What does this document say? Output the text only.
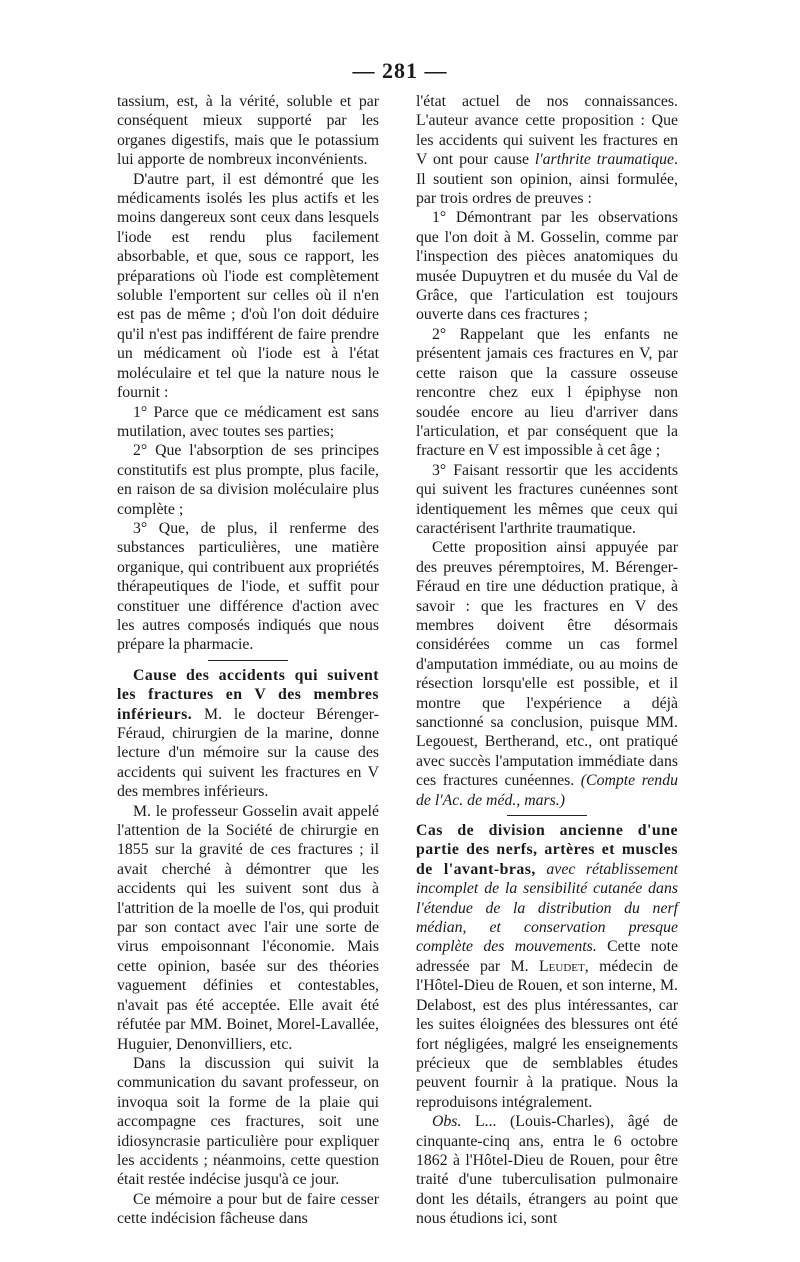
— 281 —

tassium, est, à la vérité, soluble et par conséquent mieux supporté par les organes digestifs, mais que le potassium lui apporte de nombreux inconvénients.

D'autre part, il est démontré que les médicaments isolés les plus actifs et les moins dangereux sont ceux dans lesquels l'iode est rendu plus facilement absorbable, et que, sous ce rapport, les préparations où l'iode est complètement soluble l'emportent sur celles où il n'en est pas de même ; d'où l'on doit déduire qu'il n'est pas indifférent de faire prendre un médicament où l'iode est à l'état moléculaire et tel que la nature nous le fournit :

1° Parce que ce médicament est sans mutilation, avec toutes ses parties;

2° Que l'absorption de ses principes constitutifs est plus prompte, plus facile, en raison de sa division moléculaire plus complète ;

3° Que, de plus, il renferme des substances particulières, une matière organique, qui contribuent aux propriétés thérapeutiques de l'iode, et suffit pour constituer une différence d'action avec les autres composés indiqués que nous prépare la pharmacie.

Cause des accidents qui suivent les fractures en V des membres inférieurs. M. le docteur Bérenger-Féraud, chirurgien de la marine, donne lecture d'un mémoire sur la cause des accidents qui suivent les fractures en V des membres inférieurs.

M. le professeur Gosselin avait appelé l'attention de la Société de chirurgie en 1855 sur la gravité de ces fractures ; il avait cherché à démontrer que les accidents qui les suivent sont dus à l'attrition de la moelle de l'os, qui produit par son contact avec l'air une sorte de virus empoisonnant l'économie. Mais cette opinion, basée sur des théories vaguement définies et contestables, n'avait pas été acceptée. Elle avait été réfutée par MM. Boinet, Morel-Lavallée, Huguier, Denonvilliers, etc.

Dans la discussion qui suivit la communication du savant professeur, on invoqua soit la forme de la plaie qui accompagne ces fractures, soit une idiosyncrasie particulière pour expliquer les accidents ; néanmoins, cette question était restée indécise jusqu'à ce jour.

Ce mémoire a pour but de faire cesser cette indécision fâcheuse dans

l'état actuel de nos connaissances. L'auteur avance cette proposition : Que les accidents qui suivent les fractures en V ont pour cause l'arthrite traumatique. Il soutient son opinion, ainsi formulée, par trois ordres de preuves :

1° Démontrant par les observations que l'on doit à M. Gosselin, comme par l'inspection des pièces anatomiques du musée Dupuytren et du musée du Val de Grâce, que l'articulation est toujours ouverte dans ces fractures ;

2° Rappelant que les enfants ne présentent jamais ces fractures en V, par cette raison que la cassure osseuse rencontre chez eux l épiphyse non soudée encore au lieu d'arriver dans l'articulation, et par conséquent que la fracture en V est impossible à cet âge ;

3° Faisant ressortir que les accidents qui suivent les fractures cunéennes sont identiquement les mêmes que ceux qui caractérisent l'arthrite traumatique.

Cette proposition ainsi appuyée par des preuves péremptoires, M. Bérenger-Féraud en tire une déduction pratique, à savoir : que les fractures en V des membres doivent être désormais considérées comme un cas formel d'amputation immédiate, ou au moins de résection lorsqu'elle est possible, et il montre que l'expérience a déjà sanctionné sa conclusion, puisque MM. Legouest, Bertherand, etc., ont pratiqué avec succès l'amputation immédiate dans ces fractures cunéennes. (Compte rendu de l'Ac. de méd., mars.)

Cas de division ancienne d'une partie des nerfs, artères et muscles de l'avant-bras, avec rétablissement incomplet de la sensibilité cutanée dans l'étendue de la distribution du nerf médian, et conservation presque complète des mouvements. Cette note adressée par M. Leudet, médecin de l'Hôtel-Dieu de Rouen, et son interne, M. Delabost, est des plus intéressantes, car les suites éloignées des blessures ont été fort négligées, malgré les enseignements précieux que de semblables études peuvent fournir à la pratique. Nous la reproduisons intégralement.

Obs. L... (Louis-Charles), âgé de cinquante-cinq ans, entra le 6 octobre 1862 à l'Hôtel-Dieu de Rouen, pour être traité d'une tuberculisation pulmonaire dont les détails, étrangers au point que nous étudions ici, sont
